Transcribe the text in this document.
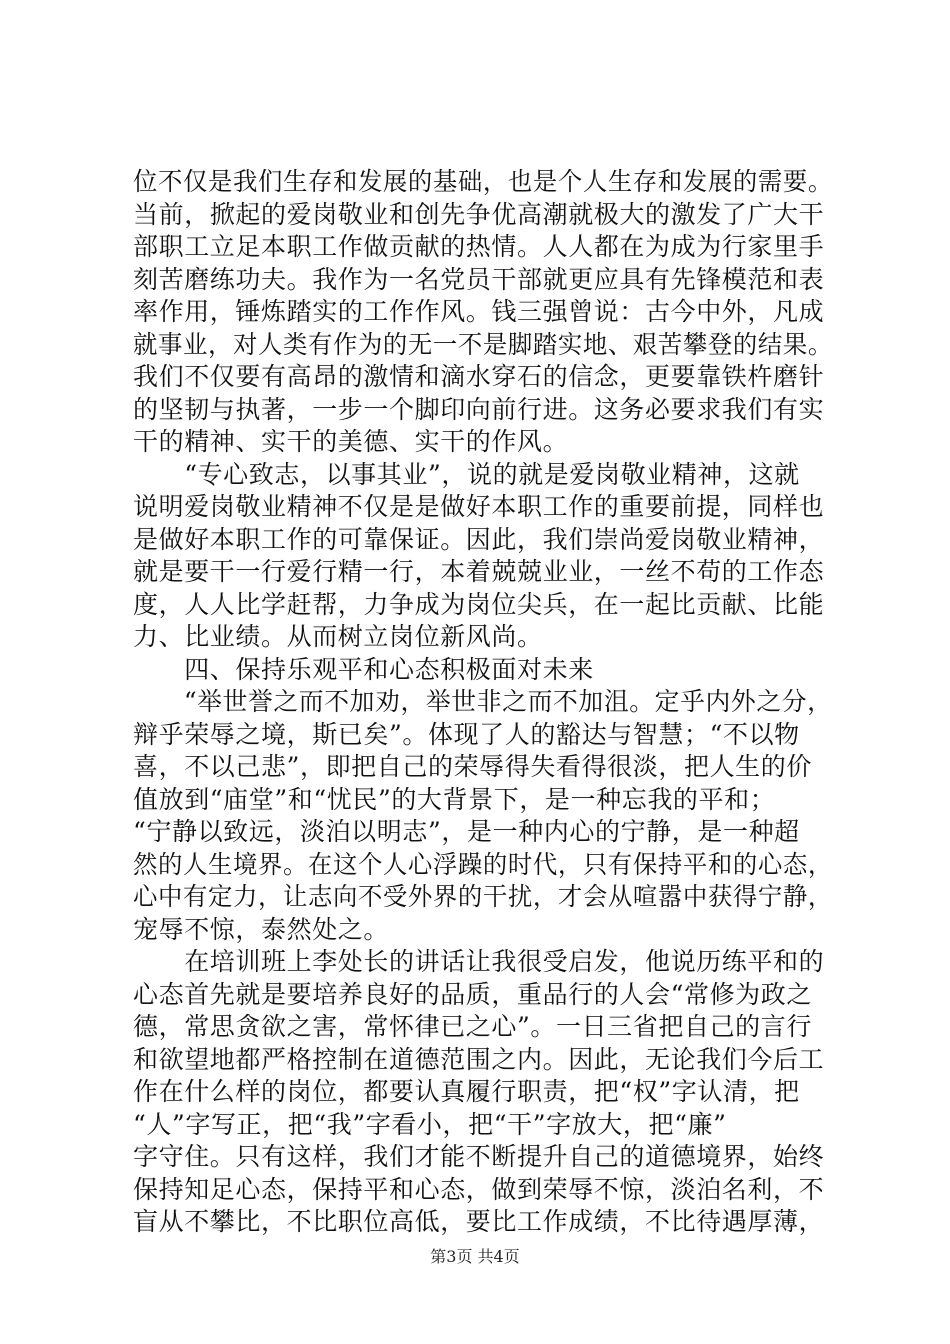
位不仅是我们生存和发展的基础，也是个人生存和发展的需要。
当前，掀起的爱岗敬业和创先争优高潮就极大的激发了广大干
部职工立足本职工作做贡献的热情。人人都在为成为行家里手
刻苦磨练功夫。我作为一名党员干部就更应具有先锋模范和表
率作用，锤炼踏实的工作作风。钱三强曾说：古今中外，凡成
就事业，对人类有作为的无一不是脚踏实地、艰苦攀登的结果。
我们不仅要有高昂的激情和滴水穿石的信念，更要靠铁杵磨针
的坚韧与执著，一步一个脚印向前行进。这务必要求我们有实
干的精神、实干的美德、实干的作风。
　　“专心致志，以事其业”，说的就是爱岗敬业精神，这就
说明爱岗敬业精神不仅是是做好本职工作的重要前提，同样也
是做好本职工作的可靠保证。因此，我们崇尚爱岗敬业精神，
就是要干一行爱行精一行，本着兢兢业业，一丝不苟的工作态
度，人人比学赶帮，力争成为岗位尖兵，在一起比贡献、比能
力、比业绩。从而树立岗位新风尚。
　　四、保持乐观平和心态积极面对未来
　　“举世誉之而不加劝，举世非之而不加沮。定乎内外之分，
辩乎荣辱之境，斯已矣”。体现了人的豁达与智慧；“不以物
喜，不以己悲”，即把自己的荣辱得失看得很淡，把人生的价
值放到“庙堂”和“忧民”的大背景下，是一种忘我的平和；
“宁静以致远，淡泊以明志”，是一种内心的宁静，是一种超
然的人生境界。在这个人心浮躁的时代，只有保持平和的心态，
心中有定力，让志向不受外界的干扰，才会从喧嚣中获得宁静，
宠辱不惊，泰然处之。
　　在培训班上李处长的讲话让我很受启发，他说历练平和的
心态首先就是要培养良好的品质，重品行的人会“常修为政之
德，常思贪欲之害，常怀律已之心”。一日三省把自己的言行
和欲望地都严格控制在道德范围之内。因此，无论我们今后工
作在什么样的岗位，都要认真履行职责，把“权”字认清，把
“人”字写正，把“我”字看小，把“干”字放大，把“廉”
字守住。只有这样，我们才能不断提升自己的道德境界，始终
保持知足心态，保持平和心态，做到荣辱不惊，淡泊名利，不
盲从不攀比，不比职位高低，要比工作成绩，不比待遇厚薄，
第3页 共4页
